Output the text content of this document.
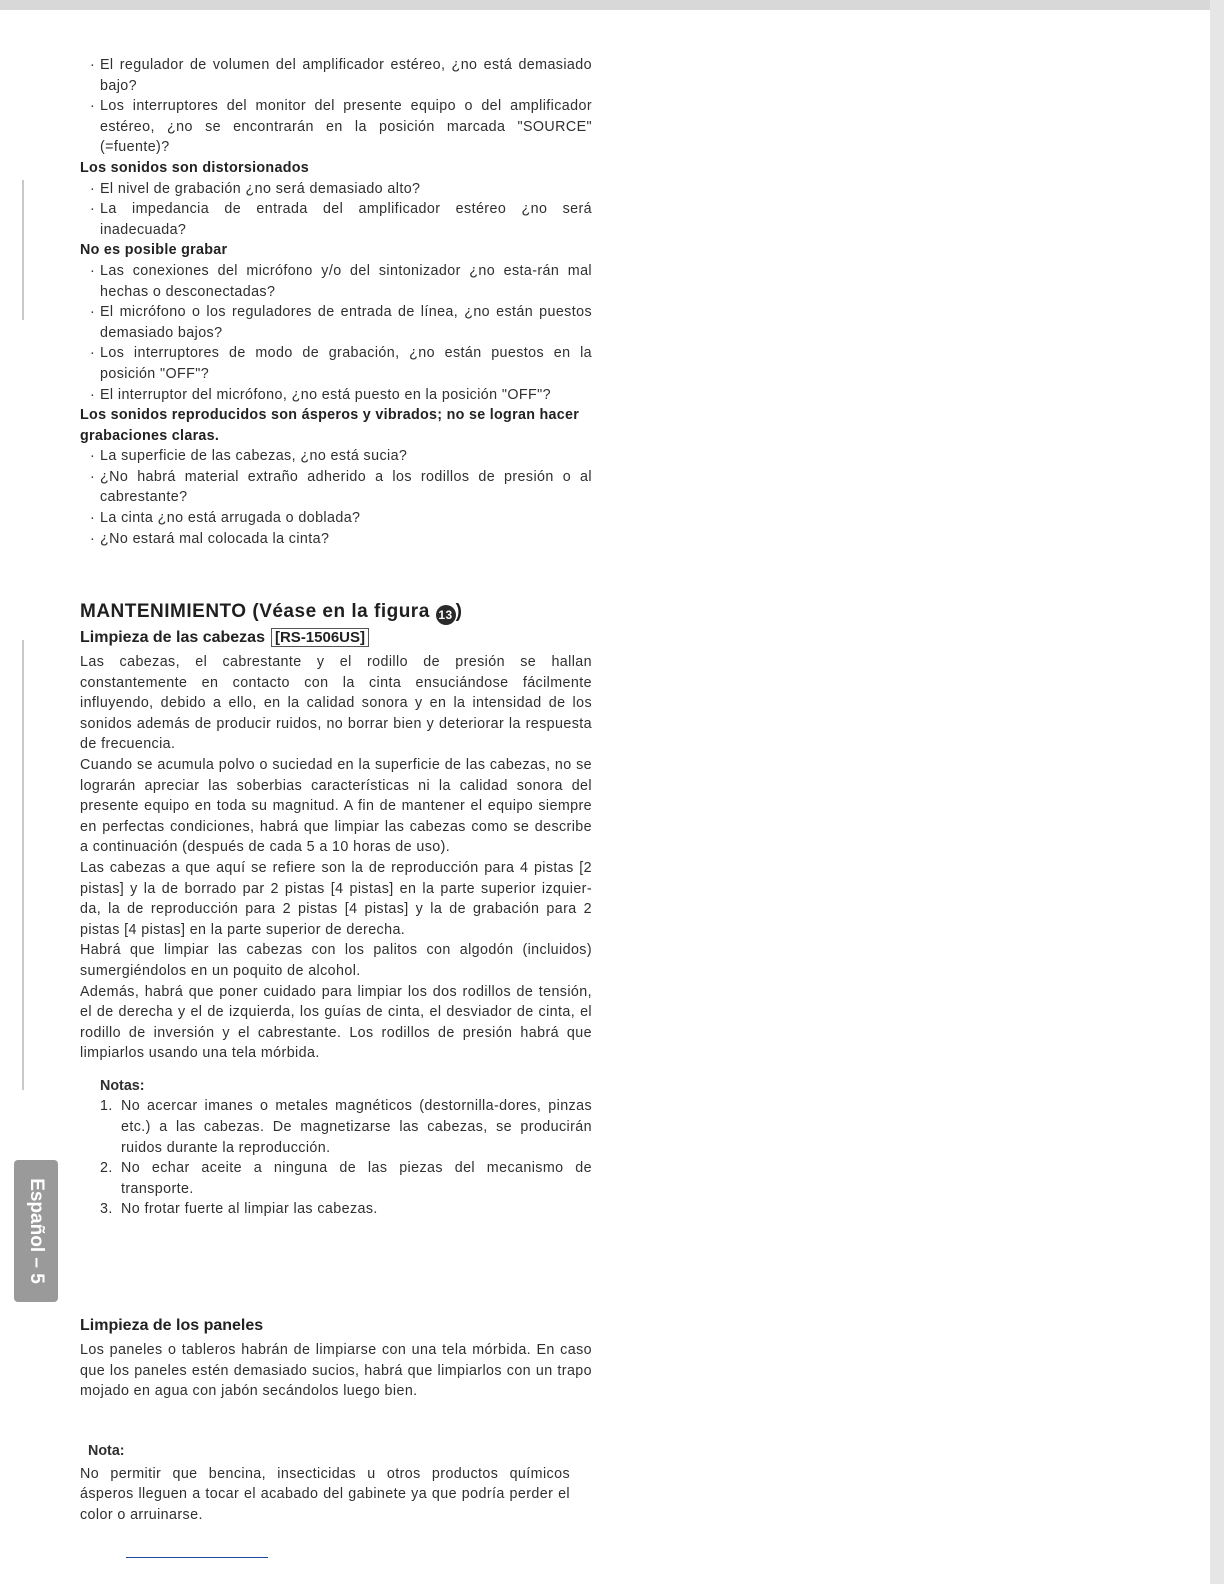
Español – 5
· El regulador de volumen del amplificador estéreo, ¿no está demasiado bajo?
· Los interruptores del monitor del presente equipo o del amplificador estéreo, ¿no se encontrarán en la posición marcada "SOURCE" (=fuente)?
Los sonidos son distorsionados
· El nivel de grabación ¿no será demasiado alto?
· La impedancia de entrada del amplificador estéreo ¿no será inadecuada?
No es posible grabar
· Las conexiones del micrófono y/o del sintonizador ¿no esta-rán mal hechas o desconectadas?
· El micrófono o los reguladores de entrada de línea, ¿no están puestos demasiado bajos?
· Los interruptores de modo de grabación, ¿no están puestos en la posición "OFF"?
· El interruptor del micrófono, ¿no está puesto en la posición "OFF"?
Los sonidos reproducidos son ásperos y vibrados; no se logran hacer grabaciones claras.
· La superficie de las cabezas, ¿no está sucia?
· ¿No habrá material extraño adherido a los rodillos de presión o al cabrestante?
· La cinta ¿no está arrugada o doblada?
· ¿No estará mal colocada la cinta?
MANTENIMIENTO (Véase en la figura 13 )
Limpieza de las cabezas [RS-1506US]

Las cabezas, el cabrestante y el rodillo de presión se hallan constantemente en contacto con la cinta ensuciándose fácilmente influyendo, debido a ello, en la calidad sonora y en la intensidad de los sonidos además de producir ruidos, no borrar bien y deteriorar la respuesta de frecuencia.

Cuando se acumula polvo o suciedad en la superficie de las cabezas, no se lograrán apreciar las soberbias características ni la calidad sonora del presente equipo en toda su magnitud. A fin de mantener el equipo siempre en perfectas condiciones, habrá que limpiar las cabezas como se describe a continuación (después de cada 5 a 10 horas de uso).

Las cabezas a que aquí se refiere son la de reproducción para 4 pistas [2 pistas] y la de borrado par 2 pistas [4 pistas] en la parte superior izquier- da, la de reproducción para 2 pistas [4 pistas] y la de grabación para 2 pistas [4 pistas] en la parte superior de derecha.

Habrá que limpiar las cabezas con los palitos con algodón (incluidos) sumergiéndolos en un poquito de alcohol.

Además, habrá que poner cuidado para limpiar los dos rodillos de tensión, el de derecha y el de izquierda, los guías de cinta, el desviador de cinta, el rodillo de inversión y el cabrestante. Los rodillos de presión habrá que limpiarlos usando una tela mórbida.

Notas:
1. No acercar imanes o metales magnéticos (destornilla-dores, pinzas etc.) a las cabezas. De magnetizarse las cabezas, se producirán ruidos durante la reproducción.
2. No echar aceite a ninguna de las piezas del mecanismo de transporte.
3. No frotar fuerte al limpiar las cabezas.
Limpieza de los paneles

Los paneles o tableros habrán de limpiarse con una tela mórbida. En caso que los paneles estén demasiado sucios, habrá que limpiarlos con un trapo mojado en agua con jabón secándolos luego bien.

Nota:

No permitir que bencina, insecticidas u otros productos químicos ásperos lleguen a tocar el acabado del gabinete ya que podría perder el color o arruinarse.
